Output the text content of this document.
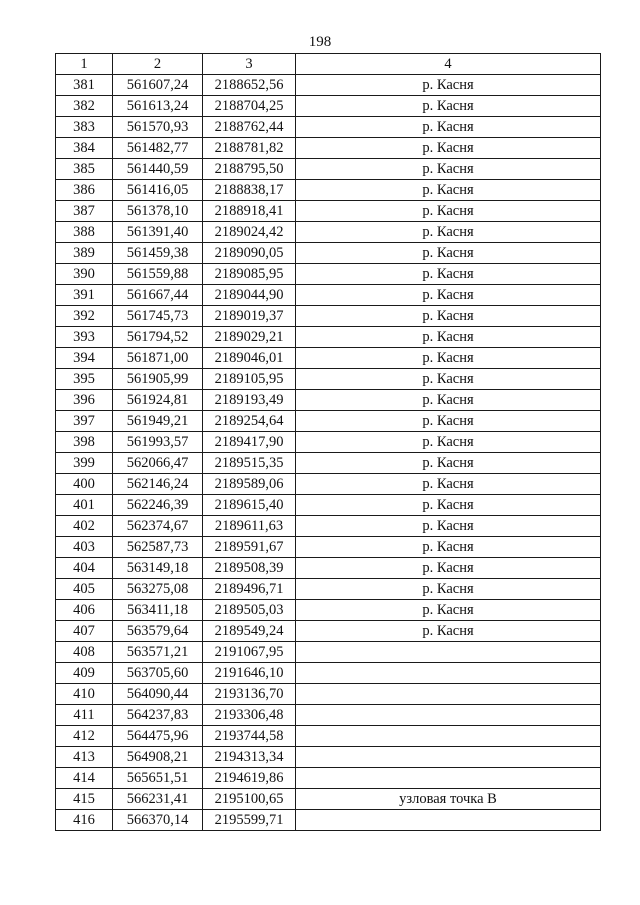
198
1	2	3	4
381	561607,24	2188652,56	р. Касня
382	561613,24	2188704,25	р. Касня
383	561570,93	2188762,44	р. Касня
384	561482,77	2188781,82	р. Касня
385	561440,59	2188795,50	р. Касня
386	561416,05	2188838,17	р. Касня
387	561378,10	2188918,41	р. Касня
388	561391,40	2189024,42	р. Касня
389	561459,38	2189090,05	р. Касня
390	561559,88	2189085,95	р. Касня
391	561667,44	2189044,90	р. Касня
392	561745,73	2189019,37	р. Касня
393	561794,52	2189029,21	р. Касня
394	561871,00	2189046,01	р. Касня
395	561905,99	2189105,95	р. Касня
396	561924,81	2189193,49	р. Касня
397	561949,21	2189254,64	р. Касня
398	561993,57	2189417,90	р. Касня
399	562066,47	2189515,35	р. Касня
400	562146,24	2189589,06	р. Касня
401	562246,39	2189615,40	р. Касня
402	562374,67	2189611,63	р. Касня
403	562587,73	2189591,67	р. Касня
404	563149,18	2189508,39	р. Касня
405	563275,08	2189496,71	р. Касня
406	563411,18	2189505,03	р. Касня
407	563579,64	2189549,24	р. Касня
408	563571,21	2191067,95	
409	563705,60	2191646,10	
410	564090,44	2193136,70	
411	564237,83	2193306,48	
412	564475,96	2193744,58	
413	564908,21	2194313,34	
414	565651,51	2194619,86	
415	566231,41	2195100,65	узловая точка В
416	566370,14	2195599,71	
